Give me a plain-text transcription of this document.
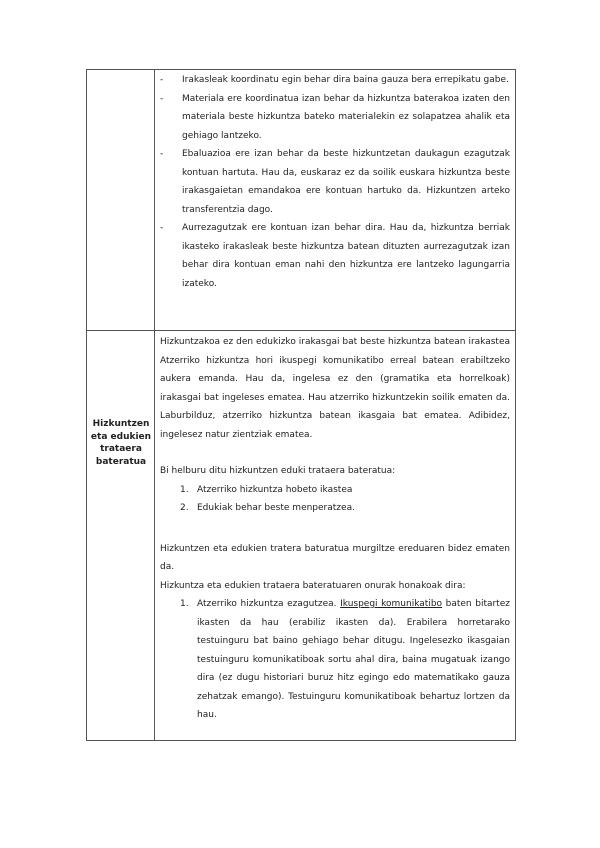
- Irakasleak koordinatu egin behar dira baina gauza bera errepikatu gabe.
- Materiala ere koordinatua izan behar da hizkuntza baterakoa izaten den materiala beste hizkuntza bateko materialekin ez solapatzea ahalik eta gehiago lantzeko.
- Ebaluazioa ere izan behar da beste hizkuntzetan daukagun ezagutzak kontuan hartuta. Hau da, euskaraz ez da soilik euskara hizkuntza beste irakasgaietan emandakoa ere kontuan hartuko da. Hizkuntzen arteko transferentzia dago.
- Aurrezagutzak ere kontuan izan behar dira. Hau da, hizkuntza berriak ikasteko irakasleak beste hizkuntza batean dituzten aurrezagutzak izan behar dira kontuan eman nahi den hizkuntza ere lantzeko lagungarria izateko.
Hizkuntzen eta edukien trataera bateratua

Hizkuntzakoa ez den edukizko irakasgai bat beste hizkuntza batean irakastea Atzerriko hizkuntza hori ikuspegi komunikatibo erreal batean erabiltzeko aukera emanda. Hau da, ingelesa ez den (gramatika eta horrelkoak) irakasgai bat ingeleses ematea. Hau atzerriko hizkuntzekin soilik ematen da. Laburbilduz, atzerriko hizkuntza batean ikasgaia bat ematea. Adibidez, ingelesez natur zientziak ematea.

Bi helburu ditu hizkuntzen eduki trataera bateratua:

1. Atzerriko hizkuntza hobeto ikastea
2. Edukiak behar beste menperatzea.

Hizkuntzen eta edukien tratera baturatua murgiltze ereduaren bidez ematen da.

Hizkuntza eta edukien trataera bateratuaren onurak honakoak dira:

1. Atzerriko hizkuntza ezagutzea. Ikuspegi komunikatibo baten bitartez ikasten da hau (erabiliz ikasten da). Erabilera horretarako testuinguru bat baino gehiago behar ditugu. Ingelesezko ikasgaian testuinguru komunikatiboak sortu ahal dira, baina mugatuak izango dira (ez dugu historiari buruz hitz egingo edo matematikako gauza zehatzak emango). Testuinguru komunikatiboak behartuz lortzen da hau.
